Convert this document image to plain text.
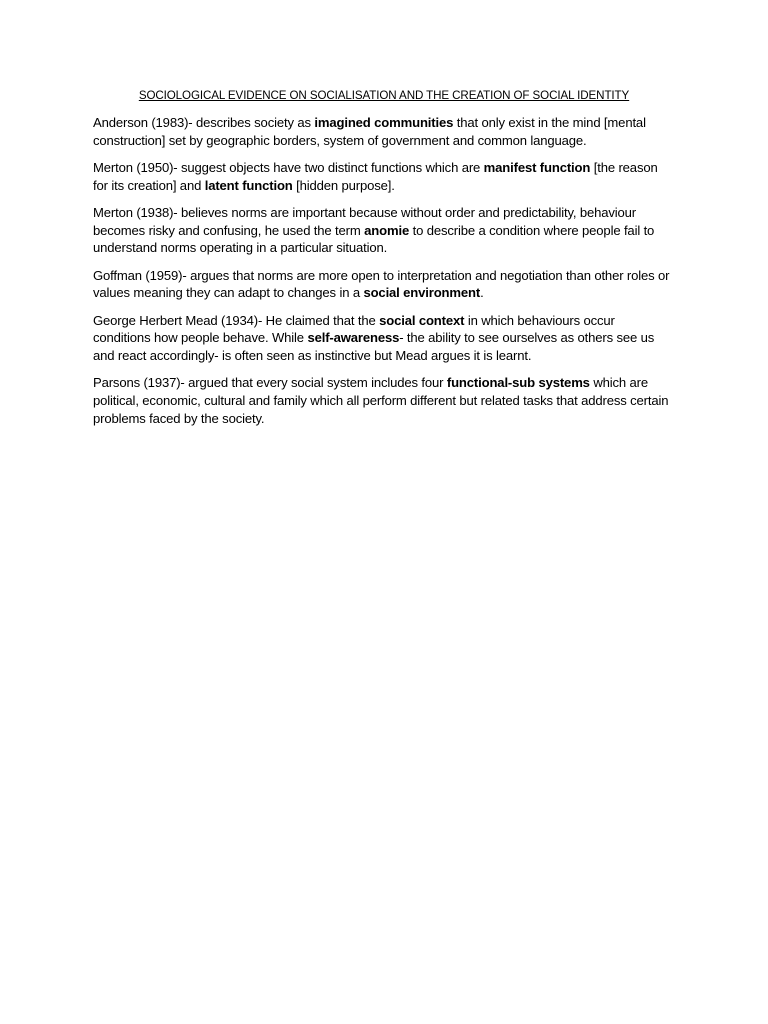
SOCIOLOGICAL EVIDENCE ON SOCIALISATION AND THE CREATION OF SOCIAL IDENTITY

Anderson (1983)- describes society as imagined communities that only exist in the mind [mental construction] set by geographic borders, system of government and common language.

Merton (1950)- suggest objects have two distinct functions which are manifest function [the reason for its creation] and latent function [hidden purpose].

Merton (1938)- believes norms are important because without order and predictability, behaviour becomes risky and confusing, he used the term anomie to describe a condition where people fail to understand norms operating in a particular situation.

Goffman (1959)- argues that norms are more open to interpretation and negotiation than other roles or values meaning they can adapt to changes in a social environment.

George Herbert Mead (1934)- He claimed that the social context in which behaviours occur conditions how people behave. While self-awareness- the ability to see ourselves as others see us and react accordingly- is often seen as instinctive but Mead argues it is learnt.

Parsons (1937)- argued that every social system includes four functional-sub systems which are political, economic, cultural and family which all perform different but related tasks that address certain problems faced by the society.
